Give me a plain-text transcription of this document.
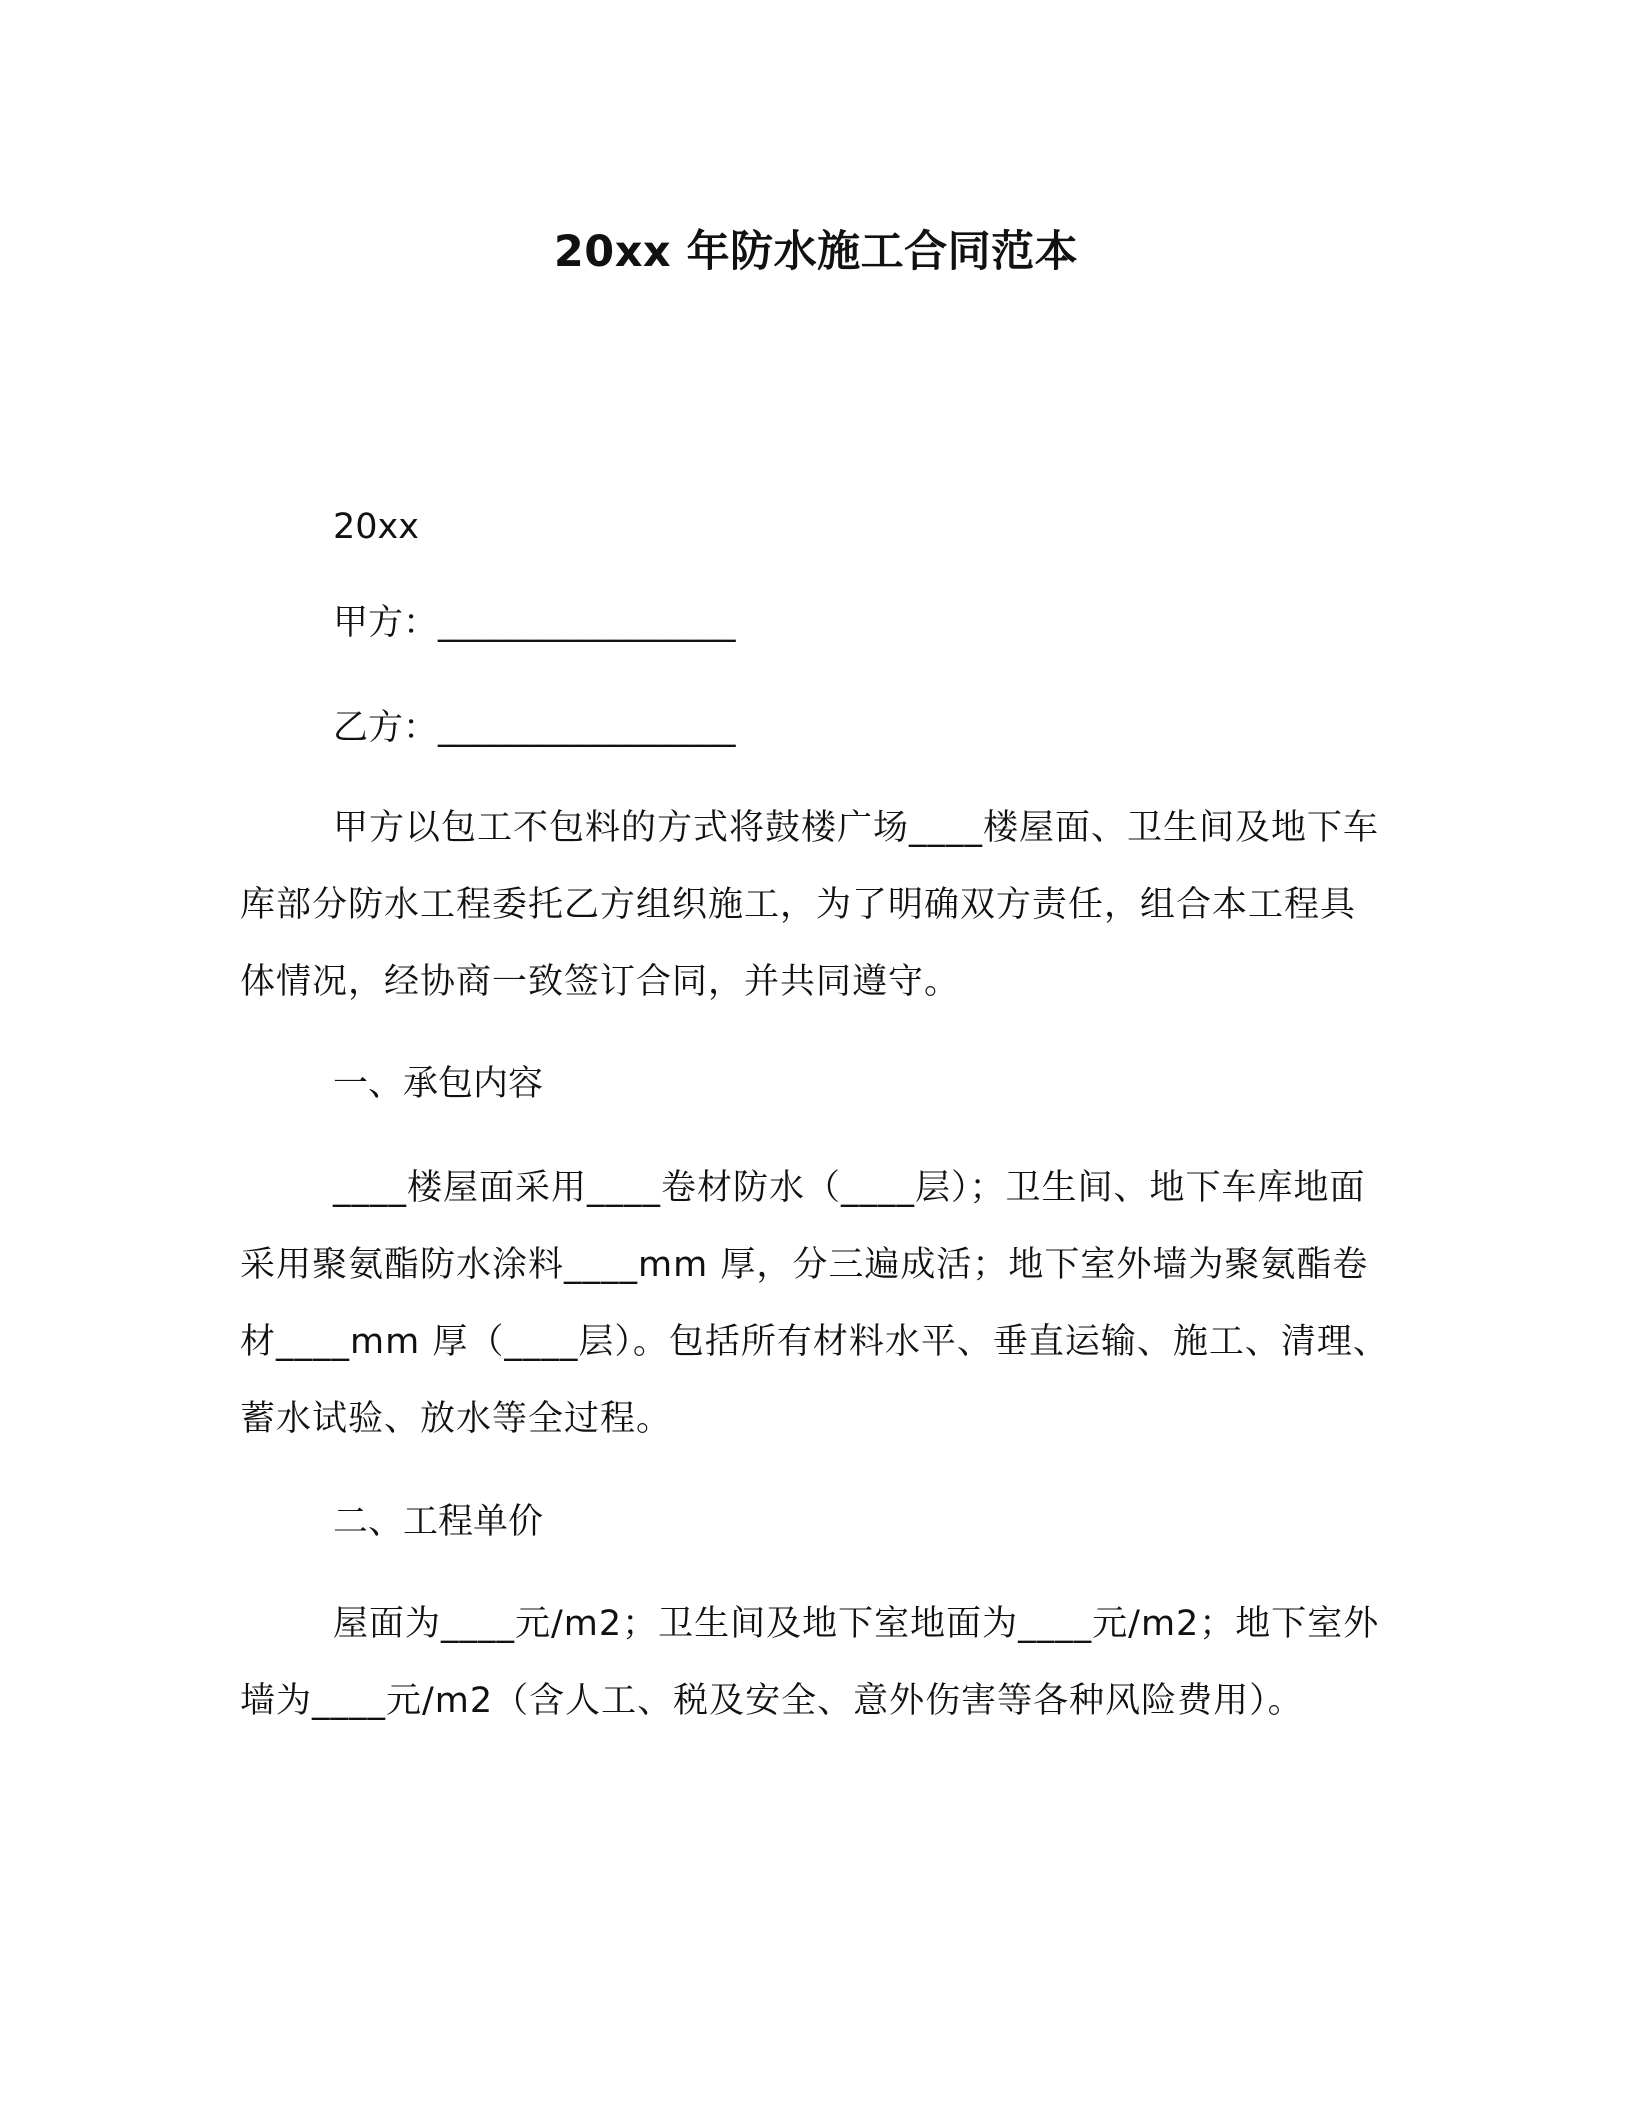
20xx 年防水施工合同范本
20xx
甲方：_________________
乙方：_________________

甲方以包工不包料的方式将鼓楼广场____楼屋面、卫生间及地下车库部分防水工程委托乙方组织施工，为了明确双方责任，组合本工程具体情况，经协商一致签订合同，并共同遵守。

一、承包内容

____楼屋面采用____卷材防水（____层）；卫生间、地下车库地面采用聚氨酯防水涂料____mm 厚，分三遍成活；地下室外墙为聚氨酯卷材____mm 厚（____层）。包括所有材料水平、垂直运输、施工、清理、蓄水试验、放水等全过程。

二、工程单价

屋面为____元/m2；卫生间及地下室地面为____元/m2；地下室外墙为____元/m2（含人工、税及安全、意外伤害等各种风险费用）。
